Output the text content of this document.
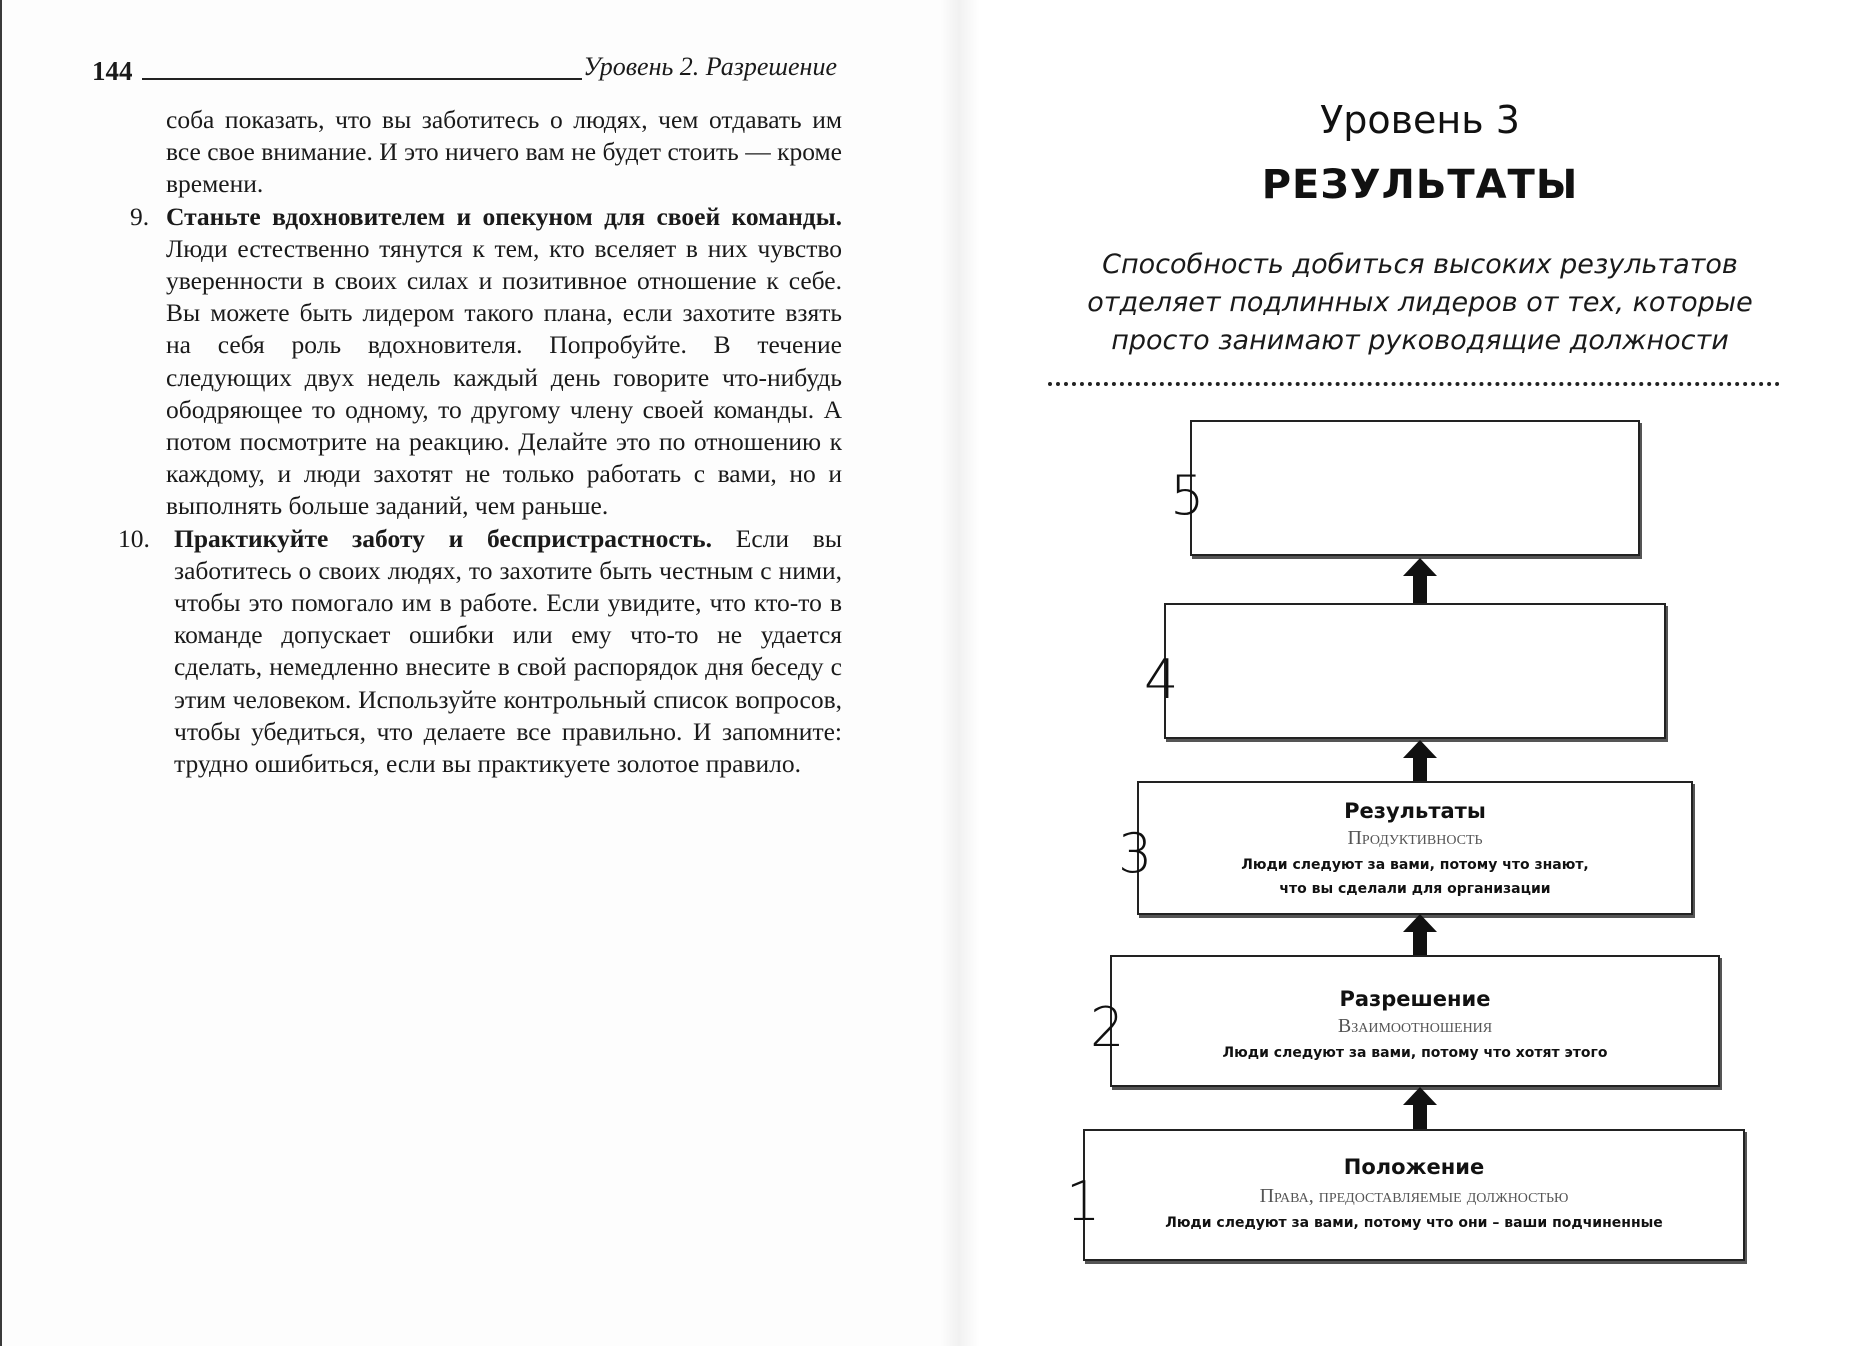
144	Уровень 2. Разрешение

соба показать, что вы заботитесь о людях, чем отдавать им все свое внимание. И это ничего вам не будет стоить — кроме времени.

9. Станьте вдохновителем и опекуном для своей команды. Люди естественно тянутся к тем, кто вселяет в них чувство уверенности в своих силах и позитивное отношение к себе. Вы можете быть лидером такого плана, если захотите взять на себя роль вдохновителя. Попробуйте. В течение следующих двух недель каждый день говорите что-нибудь ободряющее то одному, то другому члену своей команды. А потом посмотрите на реакцию. Делайте это по отношению к каждому, и люди захотят не только работать с вами, но и выполнять больше заданий, чем раньше.

10. Практикуйте заботу и беспристрастность. Если вы заботитесь о своих людях, то захотите быть честным с ними, чтобы это помогало им в работе. Если увидите, что кто-то в команде допускает ошибки или ему что-то не удается сделать, немедленно внесите в свой распорядок дня беседу с этим человеком. Используйте контрольный список вопросов, чтобы убедиться, что делаете все правильно. И запомните: трудно ошибиться, если вы практикуете золотое правило.

Уровень 3
РЕЗУЛЬТАТЫ
Способность добиться высоких результатов отделяет подлинных лидеров от тех, которые просто занимают руководящие должности
5
4
Результаты
Продуктивность
Люди следуют за вами, потому что знают,
что вы сделали для организации
3
Разрешение
Взаимоотношения
Люди следуют за вами, потому что хотят этого
2
Положение
Права, предоставляемые должностью
Люди следуют за вами, потому что они – ваши подчиненные
1
